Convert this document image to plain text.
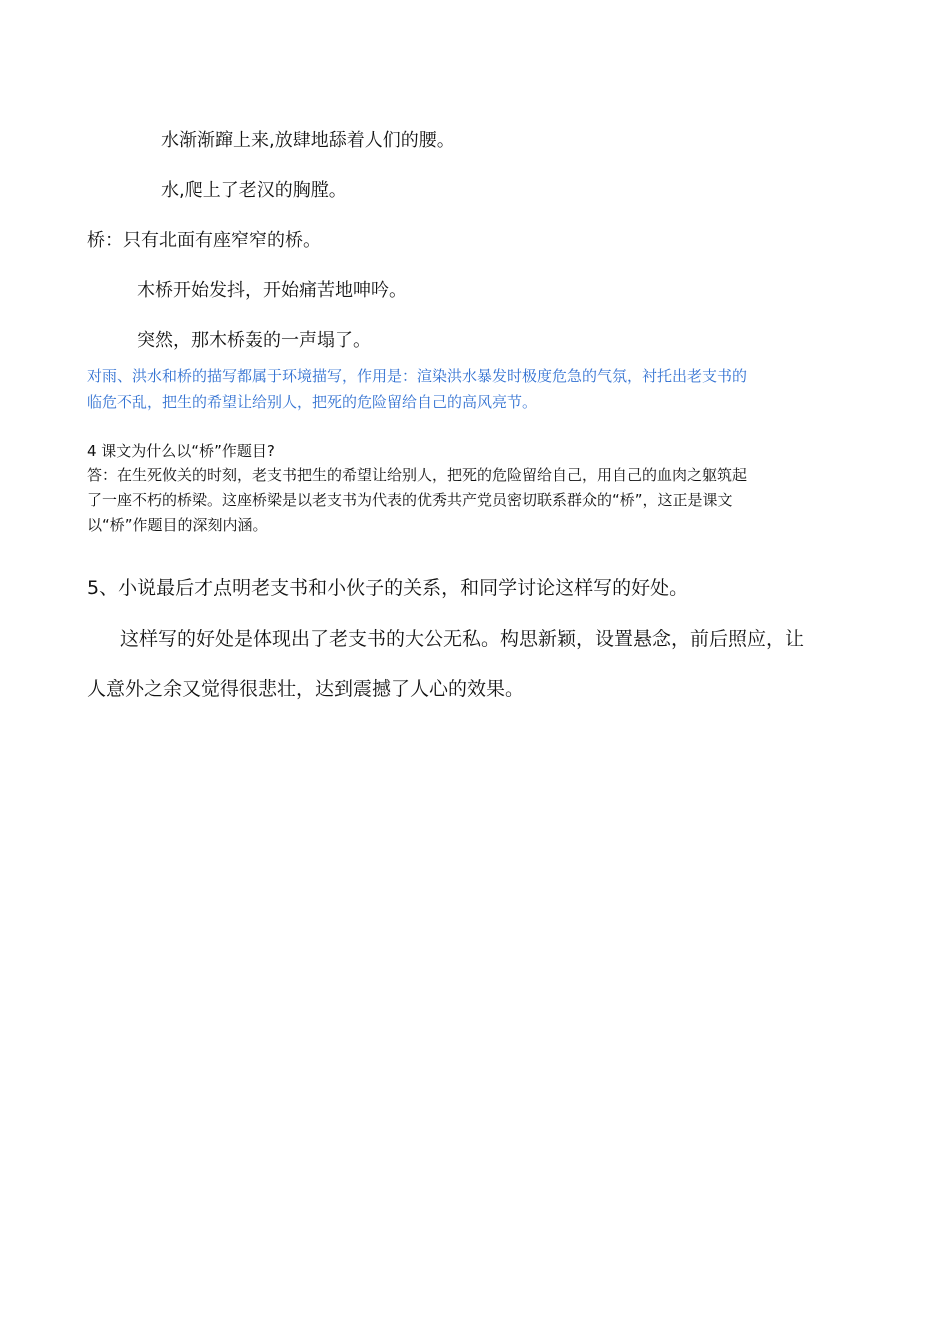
水渐渐蹿上来,放肆地舔着人们的腰。
水,爬上了老汉的胸膛。
桥：只有北面有座窄窄的桥。
木桥开始发抖，开始痛苦地呻吟。
突然，那木桥轰的一声塌了。
对雨、洪水和桥的描写都属于环境描写，作用是：渲染洪水暴发时极度危急的气氛，衬托出老支书的
临危不乱，把生的希望让给别人，把死的危险留给自己的高风亮节。
4 课文为什么以“桥”作题目?
答：在生死攸关的时刻，老支书把生的希望让给别人，把死的危险留给自己，用自己的血肉之躯筑起
了一座不朽的桥梁。这座桥梁是以老支书为代表的优秀共产党员密切联系群众的“桥”，这正是课文
以“桥”作题目的深刻内涵。
5、小说最后才点明老支书和小伙子的关系，和同学讨论这样写的好处。
这样写的好处是体现出了老支书的大公无私。构思新颖，设置悬念，前后照应，让
人意外之余又觉得很悲壮，达到震撼了人心的效果。
